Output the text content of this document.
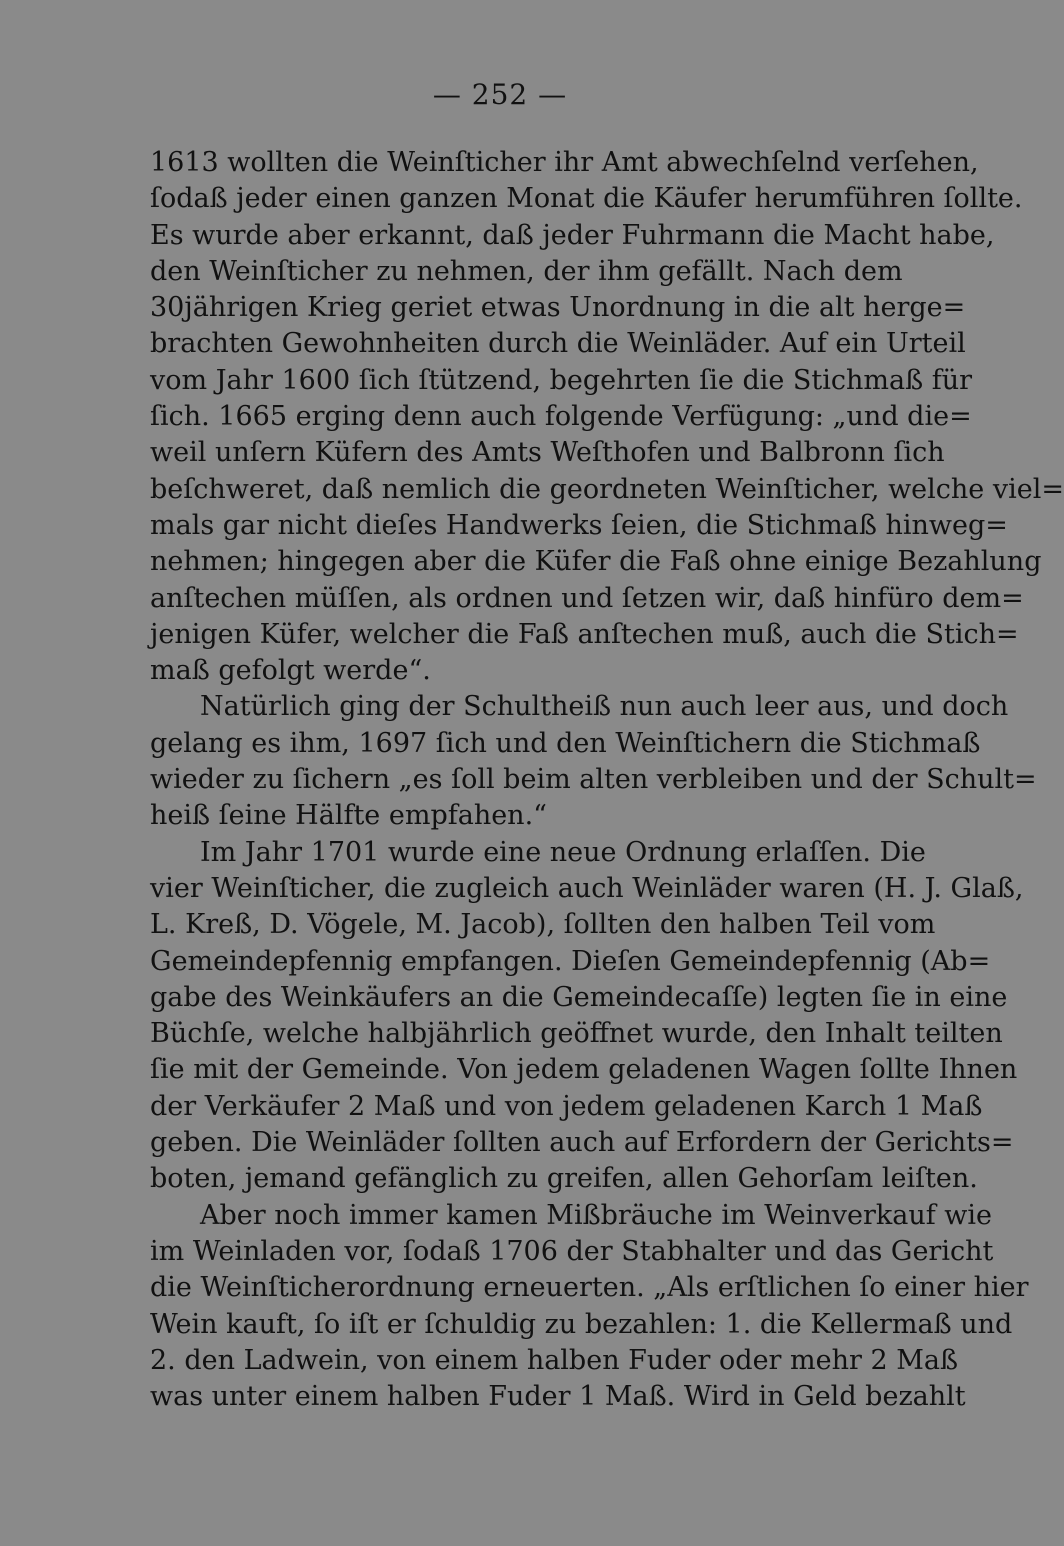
— 252 —
1613 wollten die Weinſticher ihr Amt abwechſelnd verſehen,
ſodaß jeder einen ganzen Monat die Käufer herumführen ſollte.
Es wurde aber erkannt, daß jeder Fuhrmann die Macht habe,
den Weinſticher zu nehmen, der ihm gefällt. Nach dem
30jährigen Krieg geriet etwas Unordnung in die alt herge=
brachten Gewohnheiten durch die Weinläder. Auf ein Urteil
vom Jahr 1600 ſich ſtützend, begehrten ſie die Stichmaß für
ſich. 1665 erging denn auch folgende Verfügung: „und die=
weil unſern Küfern des Amts Weſthofen und Balbronn ſich
beſchweret, daß nemlich die geordneten Weinſticher, welche viel=
mals gar nicht dieſes Handwerks ſeien, die Stichmaß hinweg=
nehmen; hingegen aber die Küfer die Faß ohne einige Bezahlung
anſtechen müſſen, als ordnen und ſetzen wir, daß hinfüro dem=
jenigen Küfer, welcher die Faß anſtechen muß, auch die Stich=
maß gefolgt werde“.
Natürlich ging der Schultheiß nun auch leer aus, und doch
gelang es ihm, 1697 ſich und den Weinſtichern die Stichmaß
wieder zu ſichern „es ſoll beim alten verbleiben und der Schult=
heiß ſeine Hälfte empfahen.“
Im Jahr 1701 wurde eine neue Ordnung erlaſſen. Die
vier Weinſticher, die zugleich auch Weinläder waren (H. J. Glaß,
L. Kreß, D. Vögele, M. Jacob), ſollten den halben Teil vom
Gemeindepfennig empfangen. Dieſen Gemeindepfennig (Ab=
gabe des Weinkäufers an die Gemeindecaſſe) legten ſie in eine
Büchſe, welche halbjährlich geöffnet wurde, den Inhalt teilten
ſie mit der Gemeinde. Von jedem geladenen Wagen ſollte Ihnen
der Verkäufer 2 Maß und von jedem geladenen Karch 1 Maß
geben. Die Weinläder ſollten auch auf Erfordern der Gerichts=
boten, jemand gefänglich zu greifen, allen Gehorſam leiſten.
Aber noch immer kamen Mißbräuche im Weinverkauf wie
im Weinladen vor, ſodaß 1706 der Stabhalter und das Gericht
die Weinſticherordnung erneuerten. „Als erſtlichen ſo einer hier
Wein kauft, ſo iſt er ſchuldig zu bezahlen: 1. die Kellermaß und
2. den Ladwein, von einem halben Fuder oder mehr 2 Maß
was unter einem halben Fuder 1 Maß. Wird in Geld bezahlt
